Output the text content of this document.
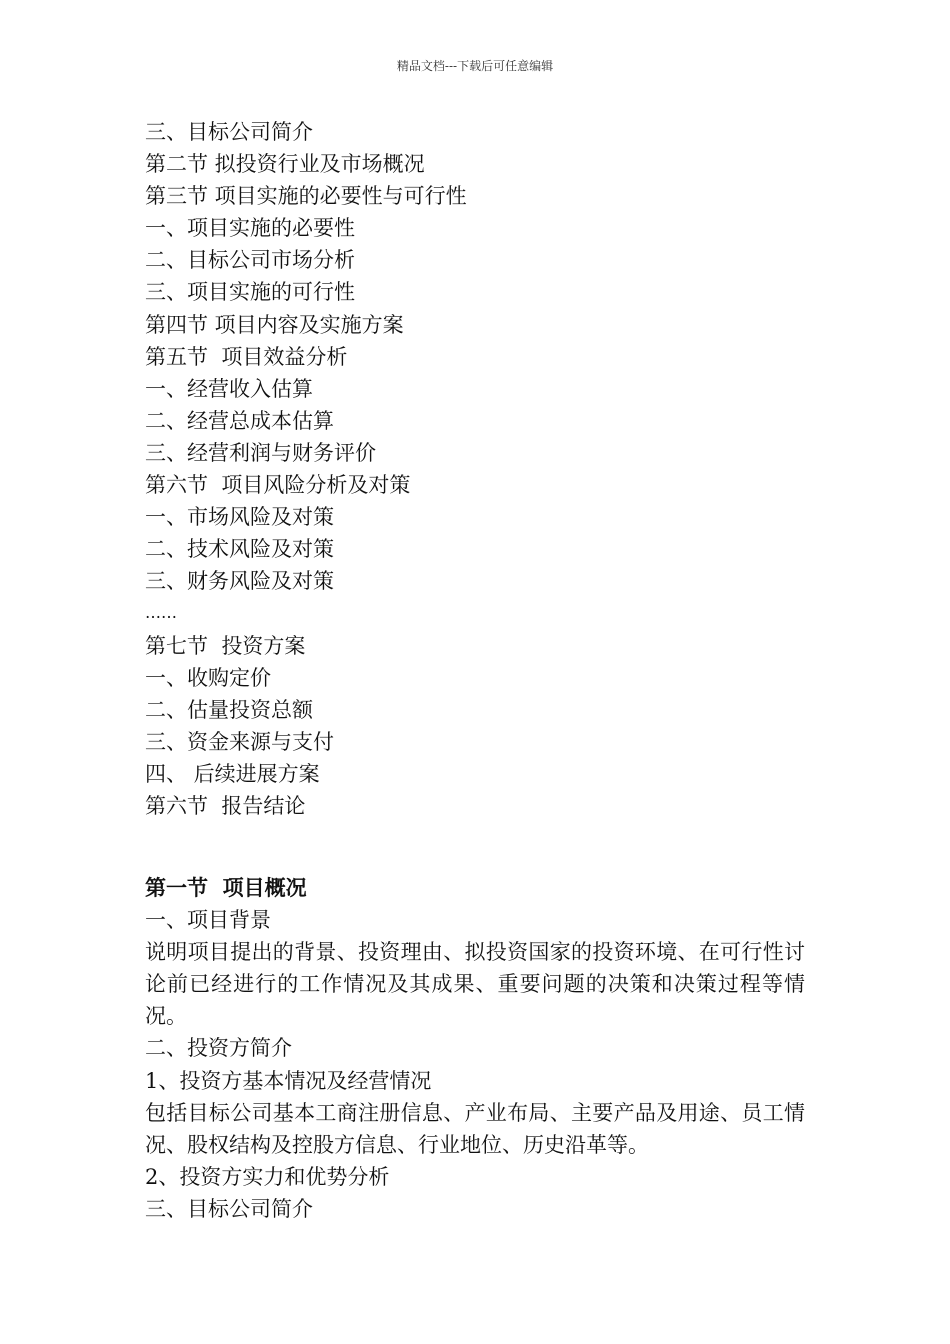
精品文档---下载后可任意编辑
三、目标公司简介
第二节 拟投资行业及市场概况
第三节 项目实施的必要性与可行性
一、项目实施的必要性
二、目标公司市场分析
三、项目实施的可行性
第四节 项目内容及实施方案
第五节  项目效益分析
一、经营收入估算
二、经营总成本估算
三、经营利润与财务评价
第六节  项目风险分析及对策
一、市场风险及对策
二、技术风险及对策
三、财务风险及对策
……
第七节  投资方案
一、收购定价
二、估量投资总额
三、资金来源与支付
四、 后续进展方案
第六节  报告结论
第一节  项目概况
一、项目背景
说明项目提出的背景、投资理由、拟投资国家的投资环境、在可行性讨论前已经进行的工作情况及其成果、重要问题的决策和决策过程等情况。
二、投资方简介
1、投资方基本情况及经营情况
包括目标公司基本工商注册信息、产业布局、主要产品及用途、员工情况、股权结构及控股方信息、行业地位、历史沿革等。
2、投资方实力和优势分析
三、目标公司简介
